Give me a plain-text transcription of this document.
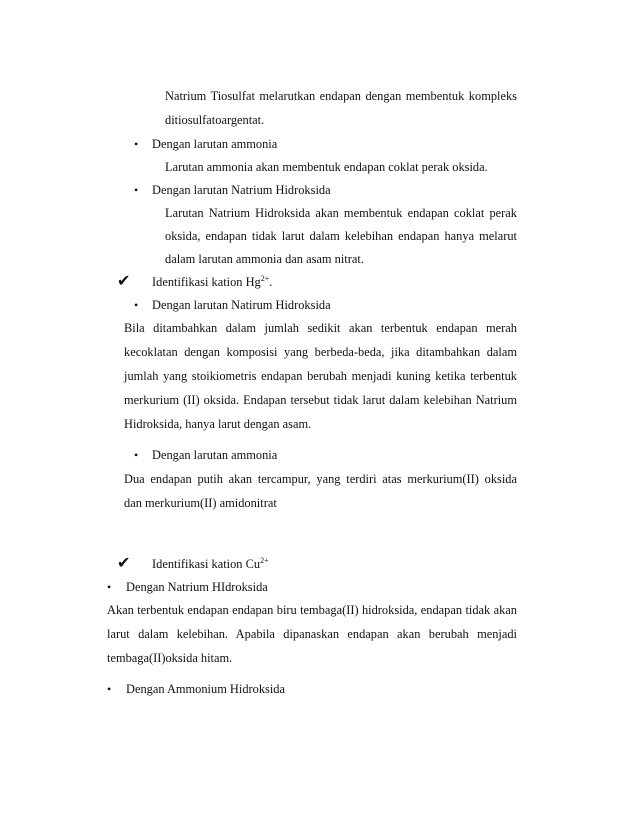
Natrium Tiosulfat melarutkan endapan dengan membentuk kompleks
ditiosulfatoargentat.
• Dengan larutan ammonia
Larutan ammonia akan membentuk endapan coklat perak oksida.
• Dengan larutan Natrium Hidroksida
Larutan Natrium Hidroksida akan membentuk endapan coklat perak
oksida, endapan tidak larut dalam kelebihan endapan hanya melarut
dalam larutan ammonia dan asam nitrat.
✔ Identifikasi kation $Hg^{2+}$.
• Dengan larutan Natirum Hidroksida
Bila ditambahkan dalam jumlah sedikit akan terbentuk endapan merah
kecoklatan dengan komposisi yang berbeda-beda, jika ditambahkan dalam
jumlah yang stoikiometris endapan berubah menjadi kuning ketika terbentuk
merkurium (II) oksida. Endapan tersebut tidak larut dalam kelebihan Natrium
Hidroksida, hanya larut dengan asam.
• Dengan larutan ammonia
Dua endapan putih akan tercampur, yang terdiri atas merkurium(II) oksida
dan merkurium(II) amidonitrat
✔ Identifikasi kation $Cu^{2+}$
• Dengan Natrium HIdroksida
Akan terbentuk endapan endapan biru tembaga(II) hidroksida, endapan tidak akan
larut dalam kelebihan. Apabila dipanaskan endapan akan berubah menjadi
tembaga(II)oksida hitam.
• Dengan Ammonium Hidroksida
